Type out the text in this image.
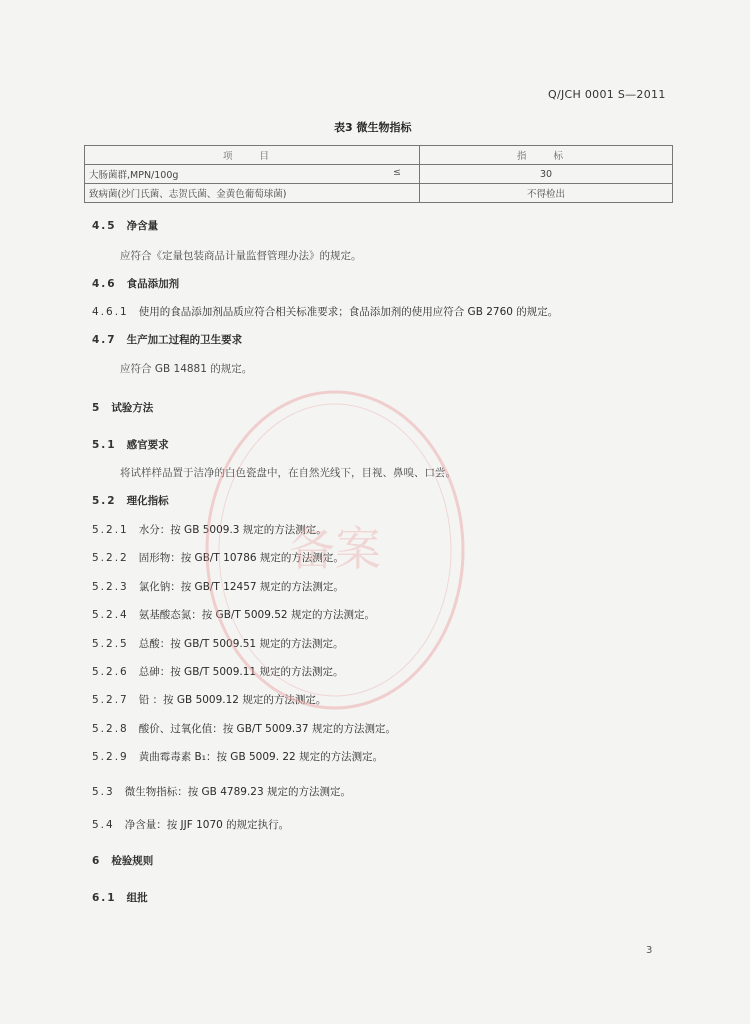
Q/JCH 0001 S—2011
表3 微生物指标
项 目	指 标
大肠菌群,MPN/100g ≤	30
致病菌(沙门氏菌、志贺氏菌、金黄色葡萄球菌)	不得检出
4.5 净含量
应符合《定量包装商品计量监督管理办法》的规定。
4.6 食品添加剂
4.6.1 使用的食品添加剂品质应符合相关标准要求；食品添加剂的使用应符合 GB 2760 的规定。
4.7 生产加工过程的卫生要求
应符合 GB 14881 的规定。
5 试验方法
5.1 感官要求
将试样样品置于洁净的白色瓷盘中，在自然光线下，目视、鼻嗅、口尝。
5.2 理化指标
5.2.1 水分：按 GB 5009.3 规定的方法测定。
5.2.2 固形物：按 GB/T 10786 规定的方法测定。
5.2.3 氯化钠：按 GB/T 12457 规定的方法测定。
5.2.4 氨基酸态氮：按 GB/T 5009.52 规定的方法测定。
5.2.5 总酸：按 GB/T 5009.51 规定的方法测定。
5.2.6 总砷：按 GB/T 5009.11 规定的方法测定。
5.2.7 铅 ：按 GB 5009.12 规定的方法测定。
5.2.8 酸价、过氧化值：按 GB/T 5009.37 规定的方法测定。
5.2.9 黄曲霉毒素 B₁：按 GB 5009. 22 规定的方法测定。
5.3 微生物指标：按 GB 4789.23 规定的方法测定。
5.4 净含量：按 JJF 1070 的规定执行。
6 检验规则
6.1 组批
3
备案
